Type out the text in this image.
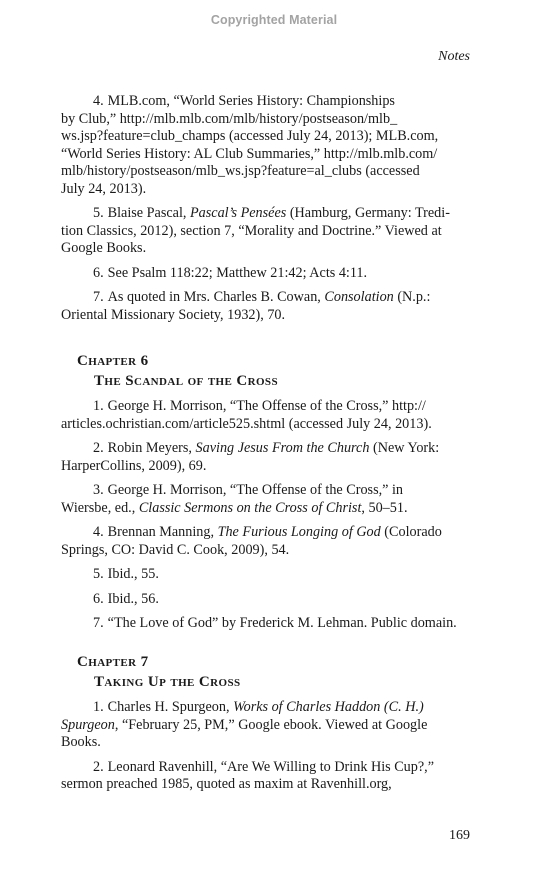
Copyrighted Material
Notes

4. MLB.com, “World Series History: Championships
by Club,” http://mlb.mlb.com/mlb/history/postseason/mlb_
ws.jsp?feature=club_champs (accessed July 24, 2013); MLB.com,
“World Series History: AL Club Summaries,” http://mlb.mlb.com/
mlb/history/postseason/mlb_ws.jsp?feature=al_clubs (accessed
July 24, 2013).

5. Blaise Pascal, Pascal’s Pensées (Hamburg, Germany: Tredi-
tion Classics, 2012), section 7, “Morality and Doctrine.” Viewed at
Google Books.

6. See Psalm 118:22; Matthew 21:42; Acts 4:11.

7. As quoted in Mrs. Charles B. Cowan, Consolation (N.p.:
Oriental Missionary Society, 1932), 70.

Chapter 6
The Scandal of the Cross

1. George H. Morrison, “The Offense of the Cross,” http://
articles.ochristian.com/article525.shtml (accessed July 24, 2013).

2. Robin Meyers, Saving Jesus From the Church (New York:
HarperCollins, 2009), 69.

3. George H. Morrison, “The Offense of the Cross,” in
Wiersbe, ed., Classic Sermons on the Cross of Christ, 50–51.

4. Brennan Manning, The Furious Longing of God (Colorado
Springs, CO: David C. Cook, 2009), 54.

5. Ibid., 55.

6. Ibid., 56.

7. “The Love of God” by Frederick M. Lehman. Public domain.

Chapter 7
Taking Up the Cross

1. Charles H. Spurgeon, Works of Charles Haddon (C. H.)
Spurgeon, “February 25, PM,” Google ebook. Viewed at Google
Books.

2. Leonard Ravenhill, “Are We Willing to Drink His Cup?,”
sermon preached 1985, quoted as maxim at Ravenhill.org,

169
